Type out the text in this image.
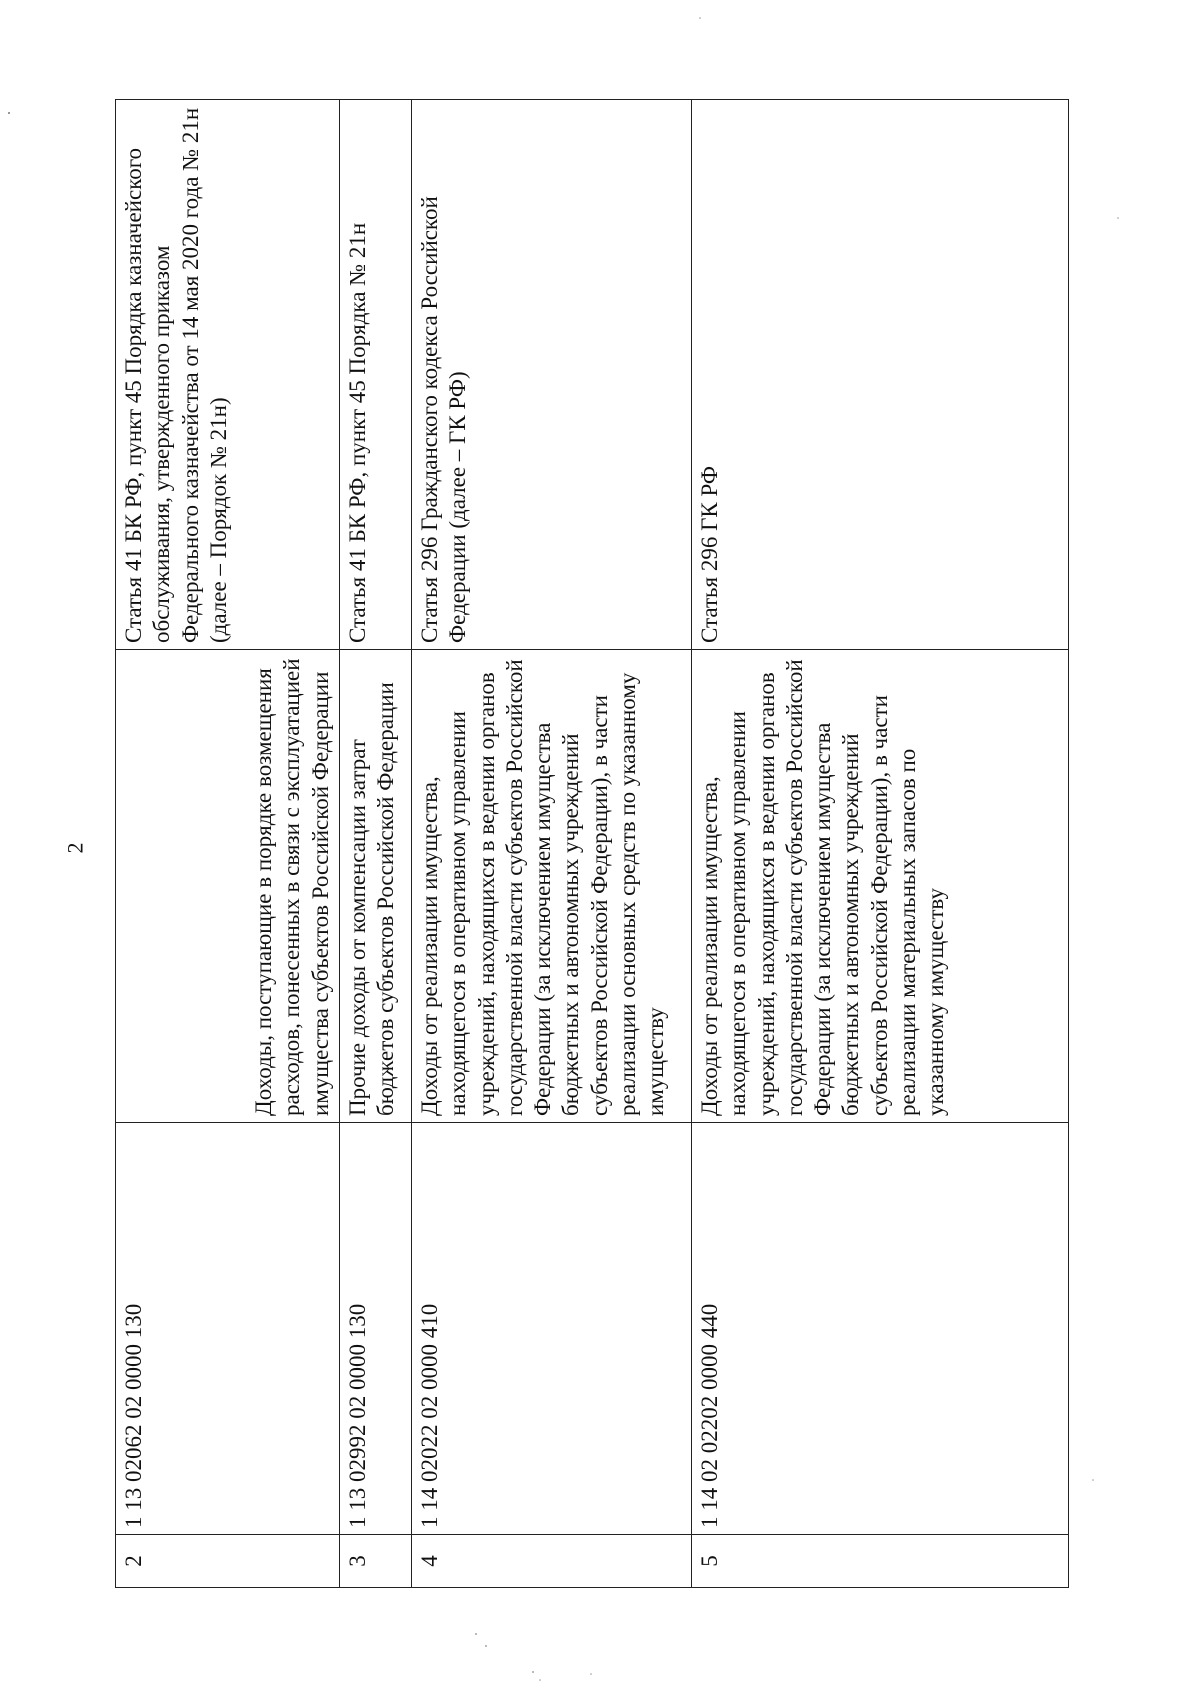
2
2	1 13 02062 02 0000 130	Доходы, поступающие в порядке возмещения расходов, понесенных в связи с эксплуатацией имущества субъектов Российской Федерации	Статья 41 БК РФ, пункт 45 Порядка казначейского обслуживания, утвержденного приказом Федерального казначейства от 14 мая 2020 года № 21н (далее – Порядок № 21н)
3	1 13 02992 02 0000 130	Прочие доходы от компенсации затрат бюджетов субъектов Российской Федерации	Статья 41 БК РФ, пункт 45 Порядка № 21н
4	1 14 02022 02 0000 410	Доходы от реализации имущества, находящегося в оперативном управлении учреждений, находящихся в ведении органов государственной власти субъектов Российской Федерации (за исключением имущества бюджетных и автономных учреждений субъектов Российской Федерации), в части реализации основных средств по указанному имуществу	Статья 296 Гражданского кодекса Российской Федерации (далее – ГК РФ)
5	1 14 02 02202 0000 440	Доходы от реализации имущества, находящегося в оперативном управлении учреждений, находящихся в ведении органов государственной власти субъектов Российской Федерации (за исключением имущества бюджетных и автономных учреждений субъектов Российской Федерации), в части реализации материальных запасов по указанному имуществу	Статья 296 ГК РФ
